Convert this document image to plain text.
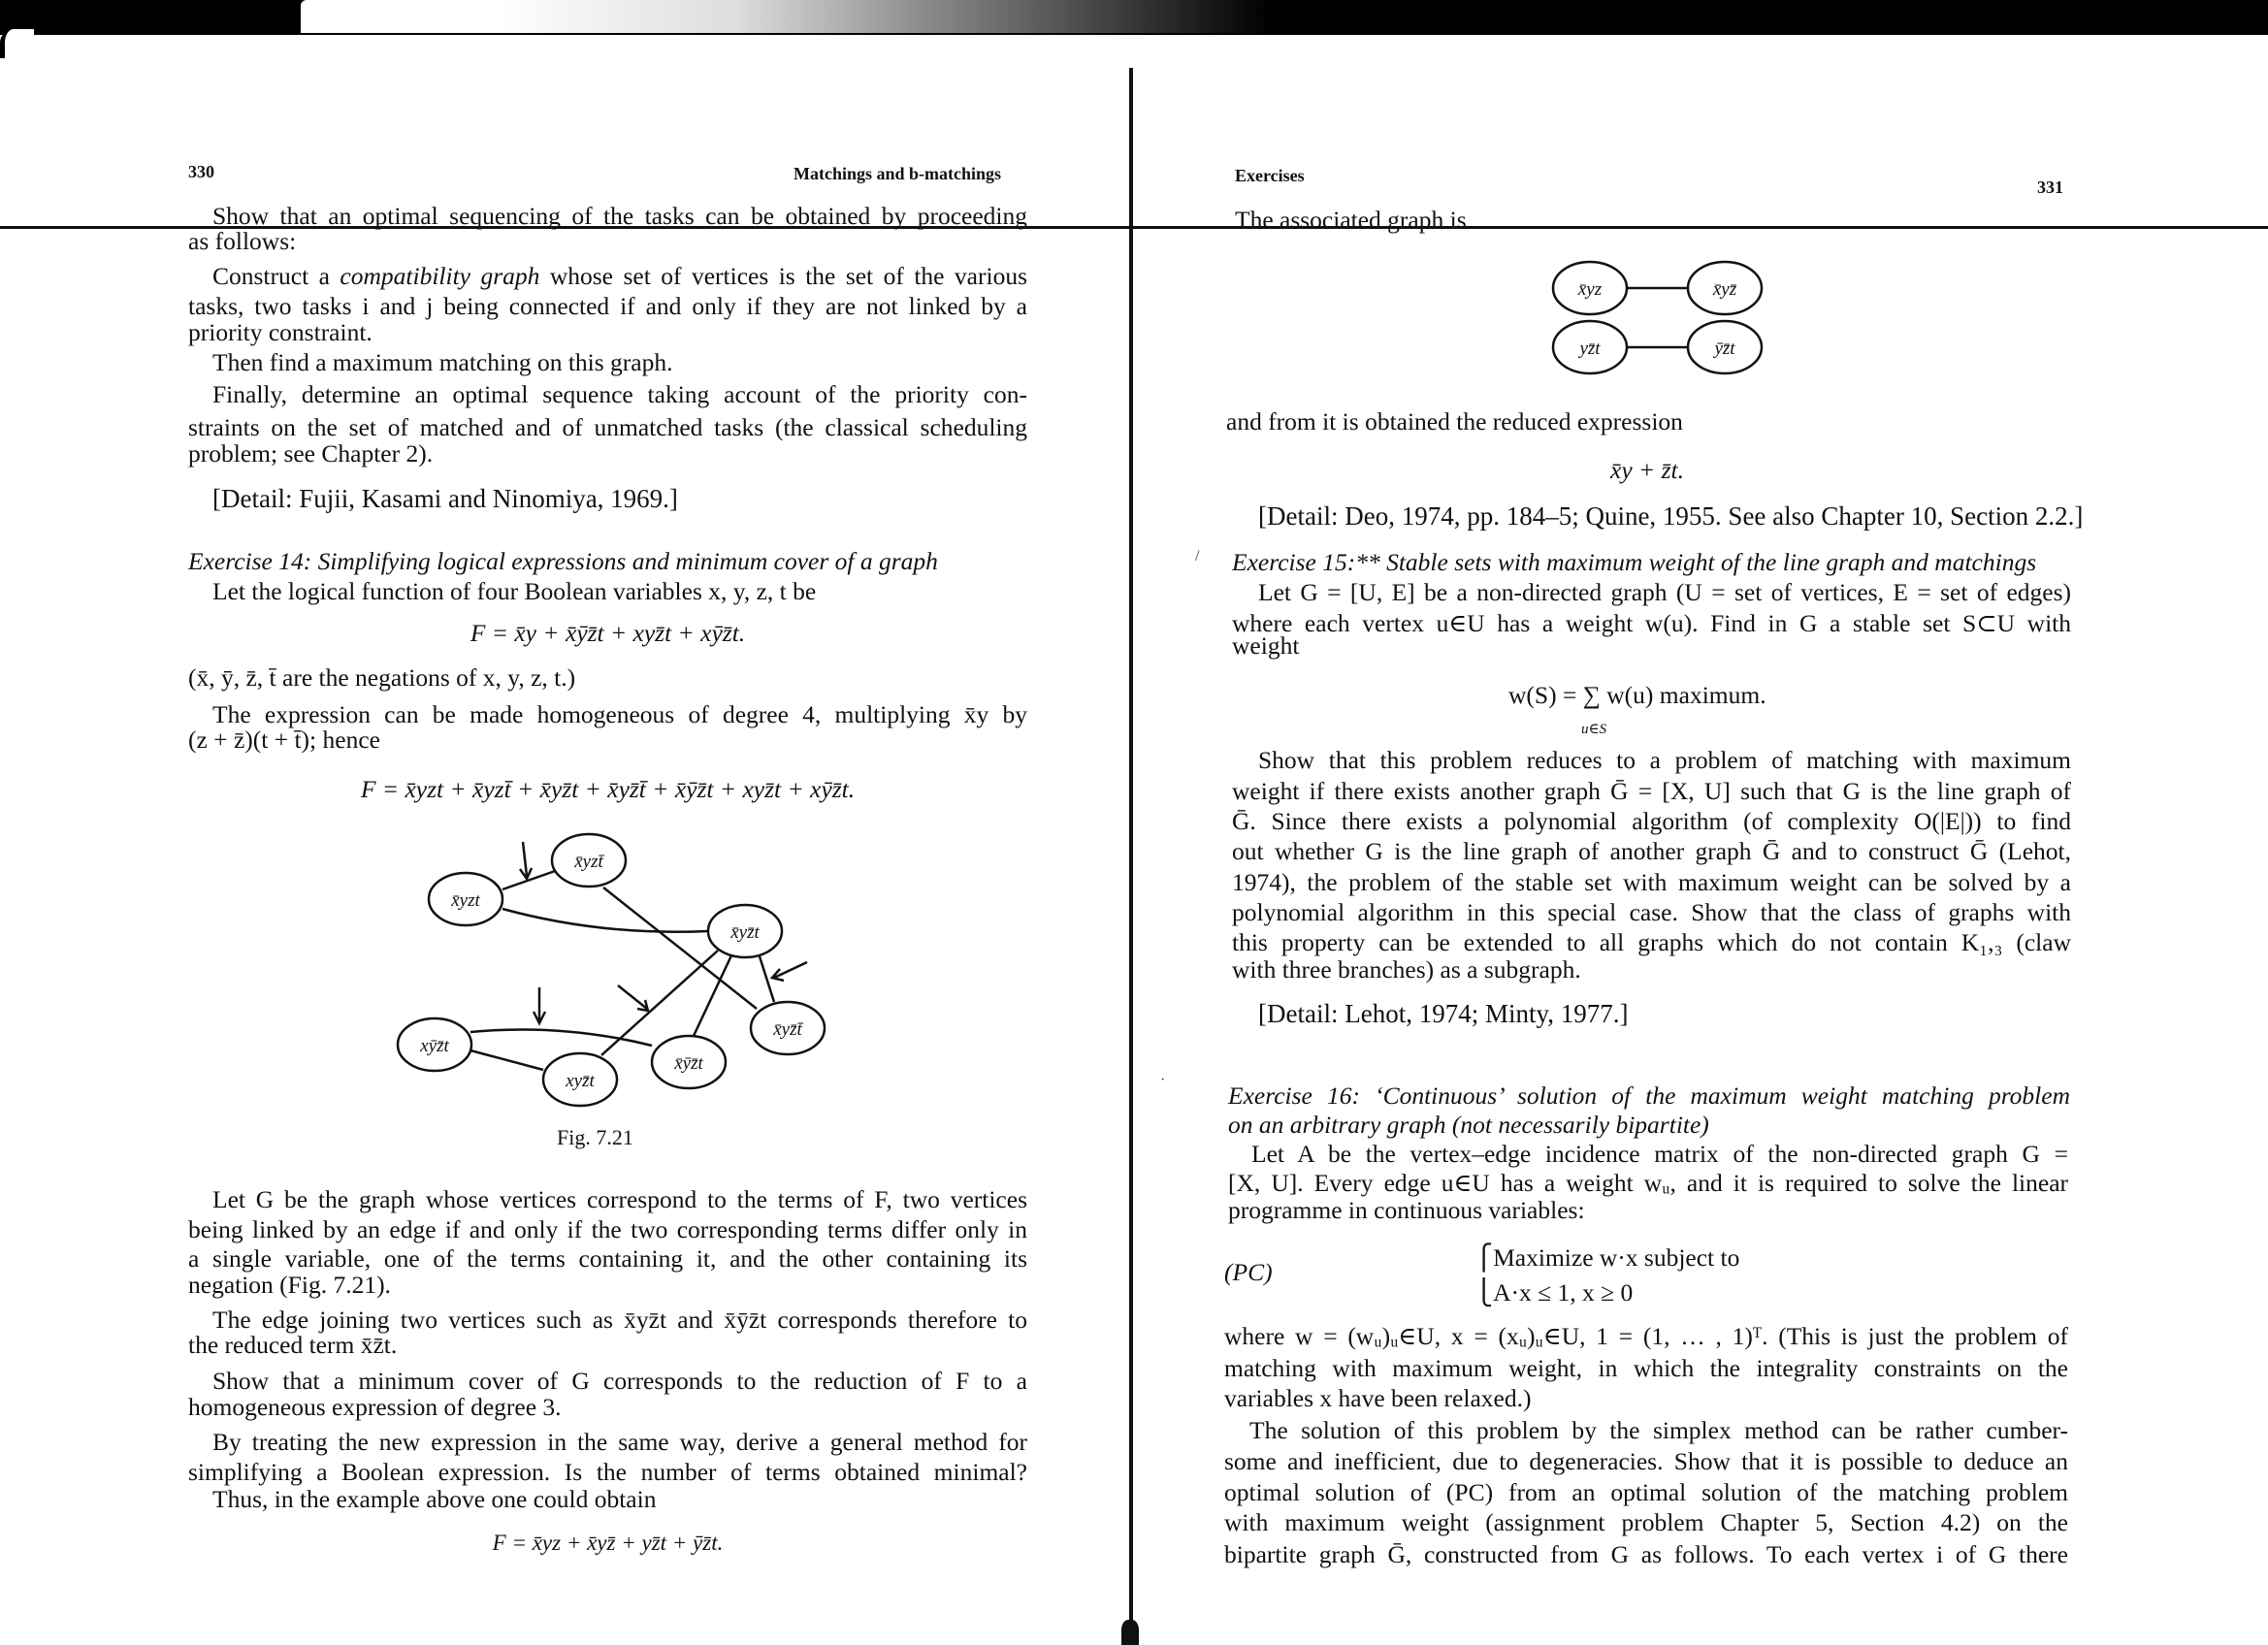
330	Matchings and b-matchings
Show that an optimal sequencing of the tasks can be obtained by proceeding
as follows:
Construct a compatibility graph whose set of vertices is the set of the various
tasks, two tasks i and j being connected if and only if they are not linked by a
priority constraint.
Then find a maximum matching on this graph.
Finally, determine an optimal sequence taking account of the priority con-
straints on the set of matched and of unmatched tasks (the classical scheduling
problem; see Chapter 2).
[Detail: Fujii, Kasami and Ninomiya, 1969.]
Exercise 14: Simplifying logical expressions and minimum cover of a graph
Let the logical function of four Boolean variables x, y, z, t be
F = x̄y + x̄ȳz̄t + xyz̄t + xȳz̄t.
(x̄, ȳ, z̄, t̄ are the negations of x, y, z, t.)
The expression can be made homogeneous of degree 4, multiplying x̄y by
(z + z̄)(t + t̄); hence
F = x̄yzt + x̄yzt̄ + x̄yz̄t + x̄yz̄t̄ + x̄ȳz̄t + xyz̄t + xȳz̄t.
x̄yzt
x̄yzt̄
x̄yz̄t
x̄yz̄t̄
xȳz̄t
xyz̄t
x̄ȳz̄t
Fig. 7.21
Let G be the graph whose vertices correspond to the terms of F, two vertices
being linked by an edge if and only if the two corresponding terms differ only in
a single variable, one of the terms containing it, and the other containing its
negation (Fig. 7.21).
The edge joining two vertices such as x̄yz̄t and x̄ȳz̄t corresponds therefore to
the reduced term x̄z̄t.
Show that a minimum cover of G corresponds to the reduction of F to a
homogeneous expression of degree 3.
By treating the new expression in the same way, derive a general method for
simplifying a Boolean expression. Is the number of terms obtained minimal?
Thus, in the example above one could obtain
F = x̄yz + x̄yz̄ + yz̄t + ȳz̄t.
Exercises
331
The associated graph is
x̄yz	x̄yz̄
yz̄t	ȳz̄t
and from it is obtained the reduced expression
x̄y + z̄t.
[Detail: Deo, 1974, pp. 184–5; Quine, 1955. See also Chapter 10, Section 2.2.]
/ Exercise 15:** Stable sets with maximum weight of the line graph and matchings
Let G = [U, E] be a non-directed graph (U = set of vertices, E = set of edges)
where each vertex u∈U has a weight w(u). Find in G a stable set S⊂U with
weight
w(S) = ∑ w(u) maximum.
u∈S
Show that this problem reduces to a problem of matching with maximum
weight if there exists another graph Ḡ = [X, U] such that G is the line graph of
Ḡ. Since there exists a polynomial algorithm (of complexity O(|E|)) to find
out whether G is the line graph of another graph Ḡ and to construct Ḡ (Lehot,
1974), the problem of the stable set with maximum weight can be solved by a
polynomial algorithm in this special case. Show that the class of graphs with
this property can be extended to all graphs which do not contain K₁,₃ (claw
with three branches) as a subgraph.
[Detail: Lehot, 1974; Minty, 1977.]
·
Exercise 16: ‘Continuous’ solution of the maximum weight matching problem
on an arbitrary graph (not necessarily bipartite)
Let A be the vertex–edge incidence matrix of the non-directed graph G =
[X, U]. Every edge u∈U has a weight wᵤ, and it is required to solve the linear
programme in continuous variables:
(PC)
⎧Maximize w·x subject to
⎩A·x ≤ 1, x ≥ 0
where w = (wᵤ)ᵤ∈U, x = (xᵤ)ᵤ∈U, 1 = (1, … , 1)ᵀ. (This is just the problem of
matching with maximum weight, in which the integrality constraints on the
variables x have been relaxed.)
The solution of this problem by the simplex method can be rather cumber-
some and inefficient, due to degeneracies. Show that it is possible to deduce an
optimal solution of (PC) from an optimal solution of the matching problem
with maximum weight (assignment problem Chapter 5, Section 4.2) on the
bipartite graph Ḡ, constructed from G as follows. To each vertex i of G there
